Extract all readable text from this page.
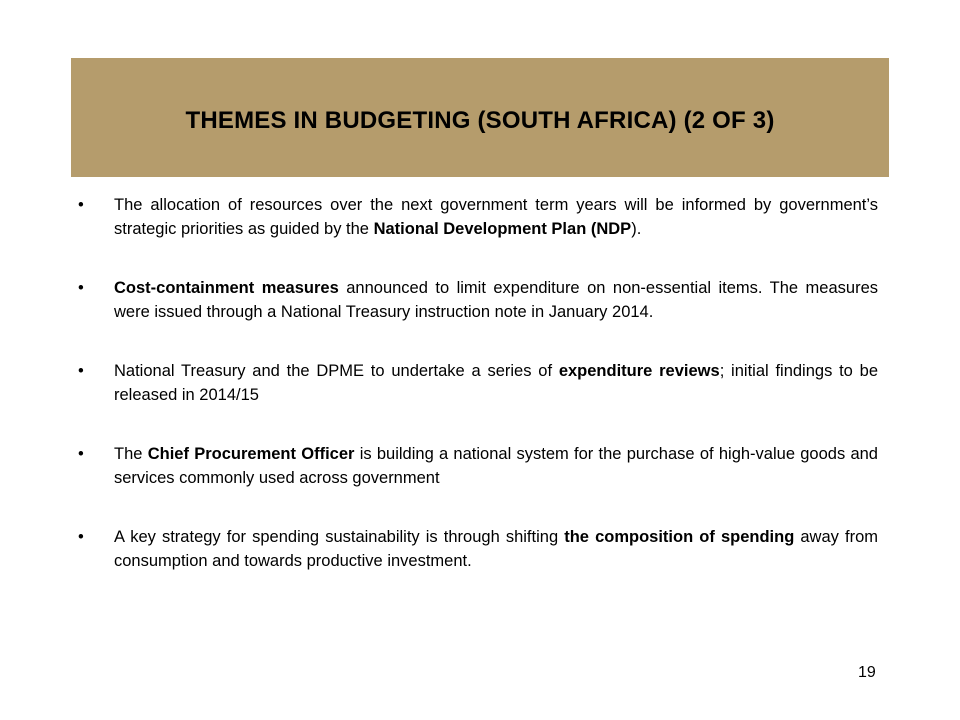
THEMES IN BUDGETING (SOUTH AFRICA) (2 OF 3)
• The allocation of resources over the next government term years will be informed by government’s strategic priorities as guided by the National Development Plan (NDP).
• Cost-containment measures announced to limit expenditure on non-essential items. The measures were issued through a National Treasury instruction note in January 2014.
• National Treasury and the DPME to undertake a series of expenditure reviews; initial findings to be released in 2014/15
• The Chief Procurement Officer is building a national system for the purchase of high-value goods and services commonly used across government
• A key strategy for spending sustainability is through shifting the composition of spending away from consumption and towards productive investment.
19
